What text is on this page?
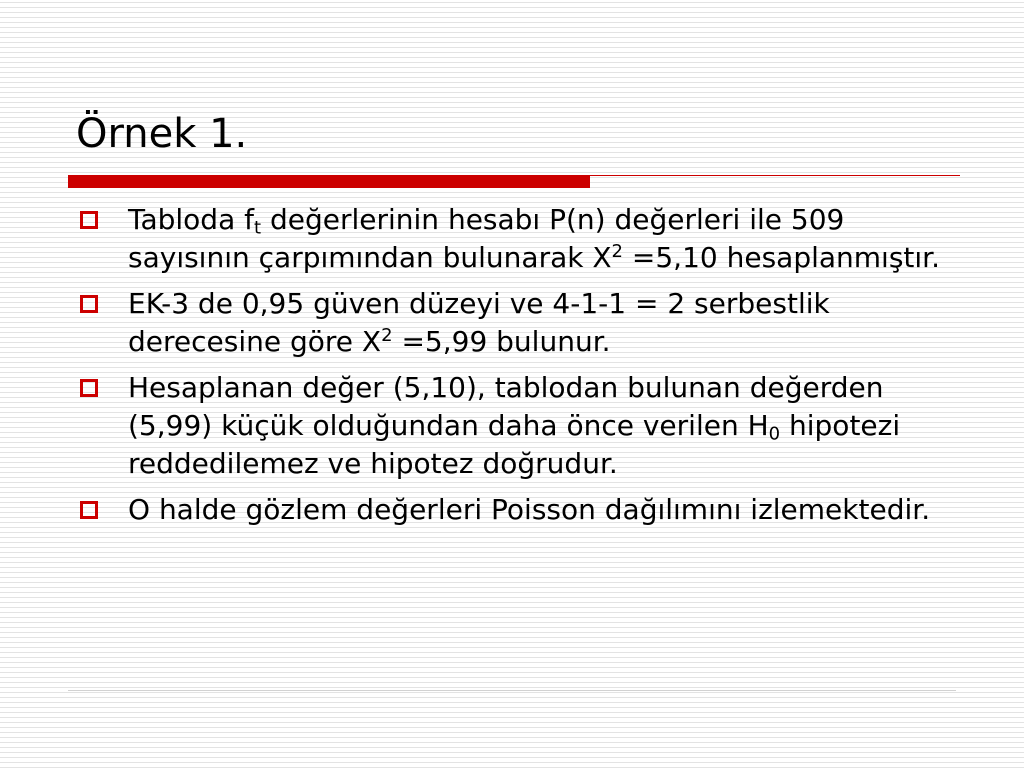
Örnek 1.
Tabloda $f_t$ değerlerinin hesabı P(n) değerleri ile 509 sayısının çarpımından bulunarak $X^2 =5,10$ hesaplanmıştır.
EK-3 de 0,95 güven düzeyi ve 4-1-1 = 2 serbestlik derecesine göre $X^2 =5,99$ bulunur.
Hesaplanan değer (5,10), tablodan bulunan değerden (5,99) küçük olduğundan daha önce verilen $H_0$ hipotezi reddedilemez ve hipotez doğrudur.
O halde gözlem değerleri Poisson dağılımını izlemektedir.
